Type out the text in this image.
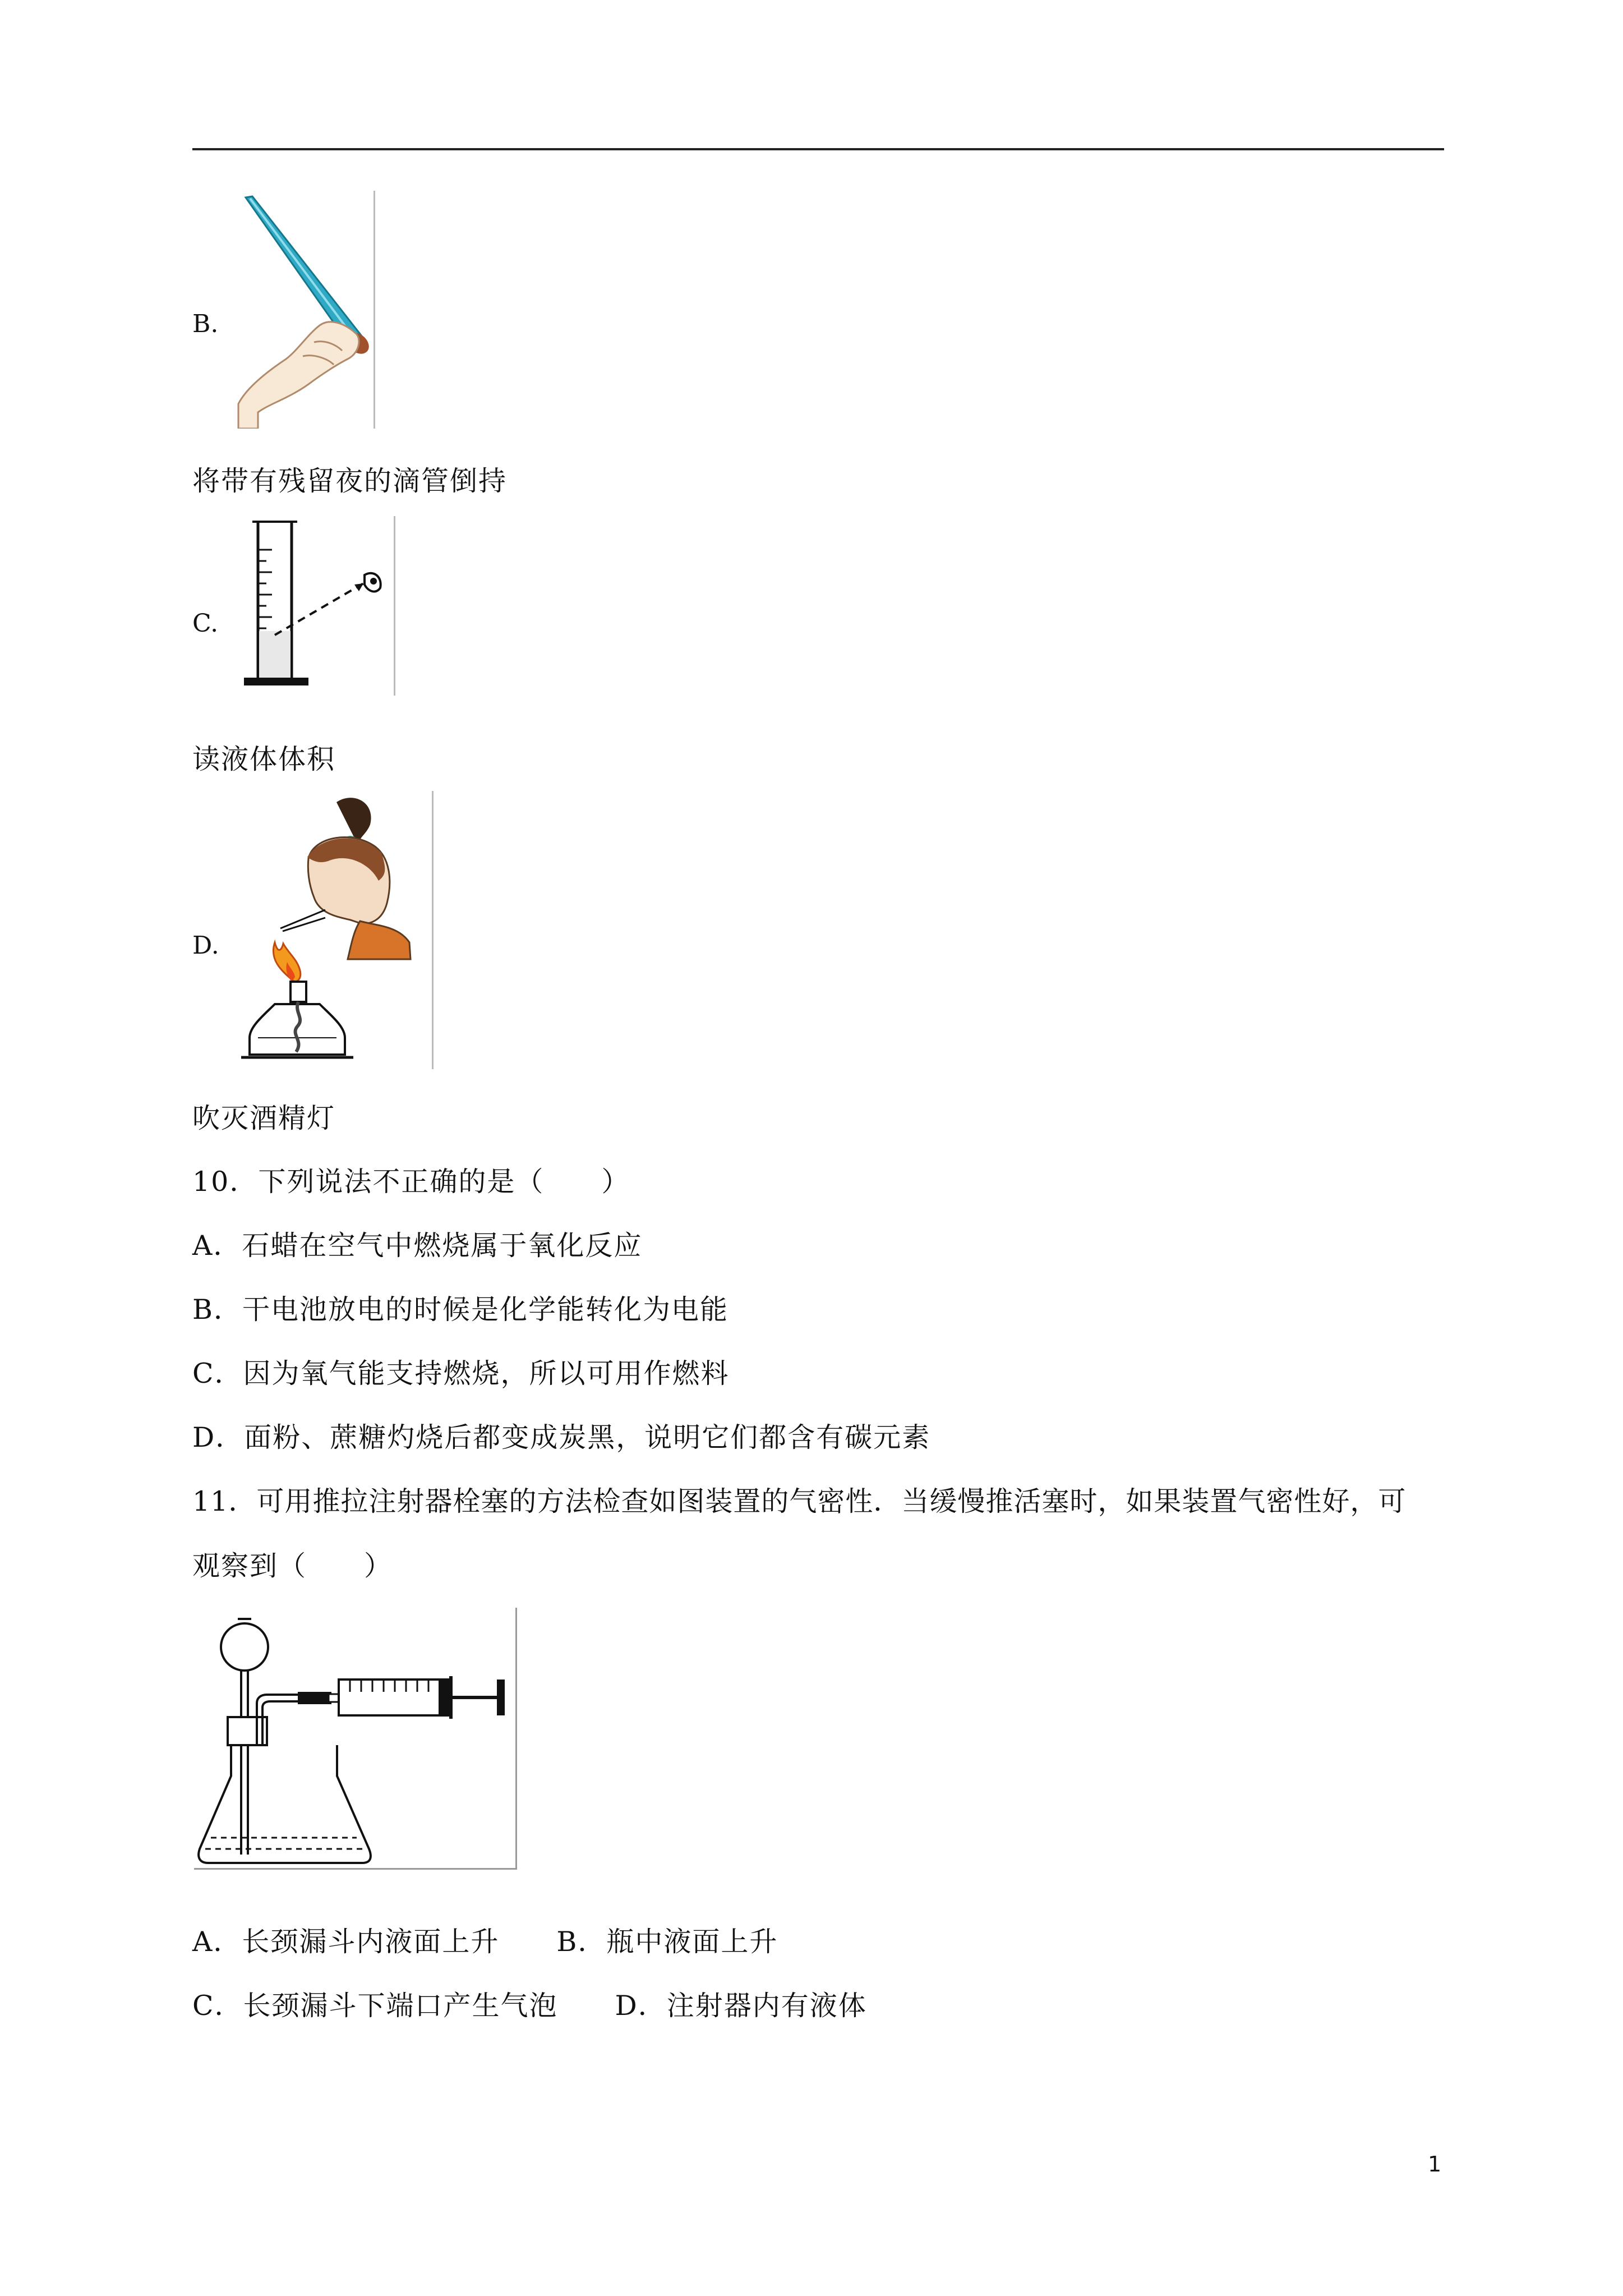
B.
将带有残留夜的滴管倒持
C.
读液体体积
D.
吹灭酒精灯
10．下列说法不正确的是（　　）
A．石蜡在空气中燃烧属于氧化反应
B．干电池放电的时候是化学能转化为电能
C．因为氧气能支持燃烧，所以可用作燃料
D．面粉、蔗糖灼烧后都变成炭黑，说明它们都含有碳元素
11．可用推拉注射器栓塞的方法检查如图装置的气密性．当缓慢推活塞时，如果装置气密性好，可
观察到（　　）
A．长颈漏斗内液面上升　　B．瓶中液面上升
C．长颈漏斗下端口产生气泡　　D．注射器内有液体
1
